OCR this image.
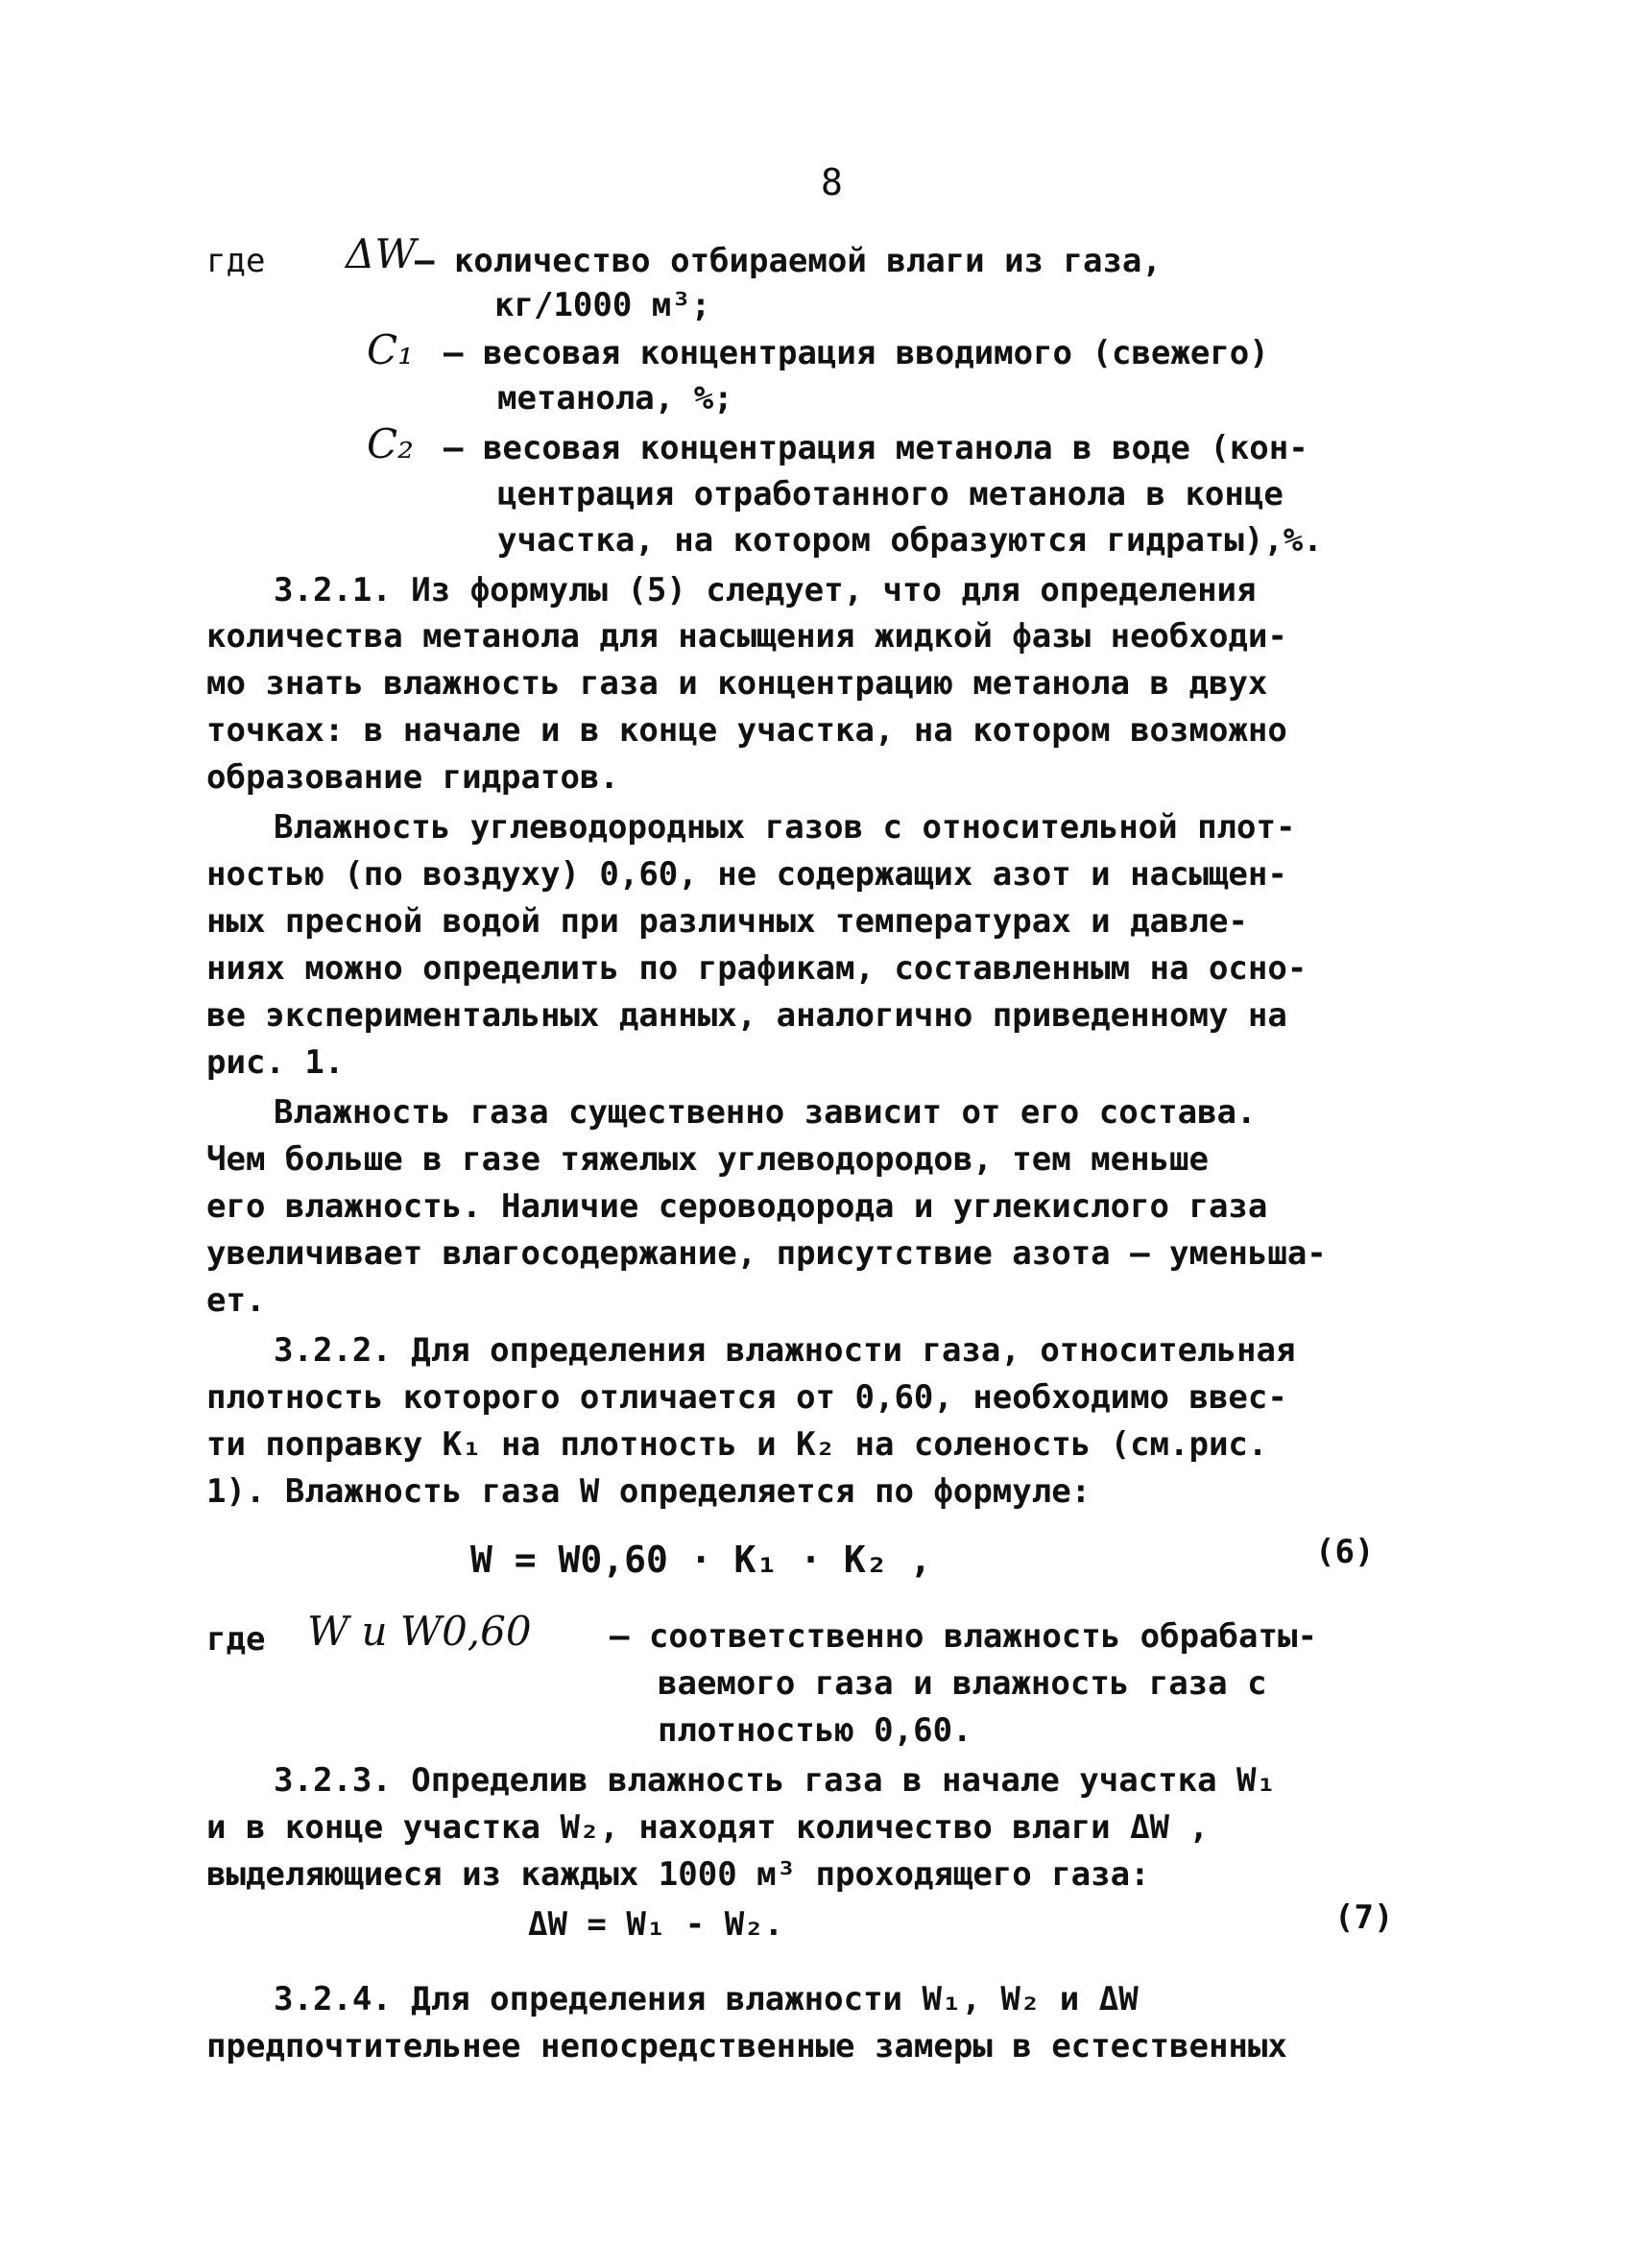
8
где ΔW
– количество отбираемой влаги из газа,
кг/1000 м³;
C₁ – весовая концентрация вводимого (свежего)
метанола, %;
C₂ – весовая концентрация метанола в воде (кон-
центрация отработанного метанола в конце
участка, на котором образуются гидраты),%.
3.2.1. Из формулы (5) следует, что для определения
количества метанола для насыщения жидкой фазы необходи-
мо знать влажность газа и концентрацию метанола в двух
точках: в начале и в конце участка, на котором возможно
образование гидратов.
Влажность углеводородных газов с относительной плот-
ностью (по воздуху) 0,60, не содержащих азот и насыщен-
ных пресной водой при различных температурах и давле-
ниях можно определить по графикам, составленным на осно-
ве экспериментальных данных, аналогично приведенному на
рис. 1.
Влажность газа существенно зависит от его состава.
Чем больше в газе тяжелых углеводородов, тем меньше
его влажность. Наличие сероводорода и углекислого газа
увеличивает влагосодержание, присутствие азота – уменьша-
ет.
3.2.2. Для определения влажности газа, относительная
плотность которого отличается от 0,60, необходимо ввес-
ти поправку K₁ на плотность и K₂ на соленость (см.рис.
1). Влажность газа W определяется по формуле:
W = W0,60 · K₁ · K₂ ,	(6)
где W и W0,60 – соответственно влажность обрабаты-
ваемого газа и влажность газа с
плотностью 0,60.
3.2.3. Определив влажность газа в начале участка W₁
и в конце участка W₂, находят количество влаги ΔW ,
выделяющиеся из каждых 1000 м³ проходящего газа:
ΔW = W₁ - W₂.	(7)
3.2.4. Для определения влажности W₁, W₂ и ΔW
предпочтительнее непосредственные замеры в естественных
